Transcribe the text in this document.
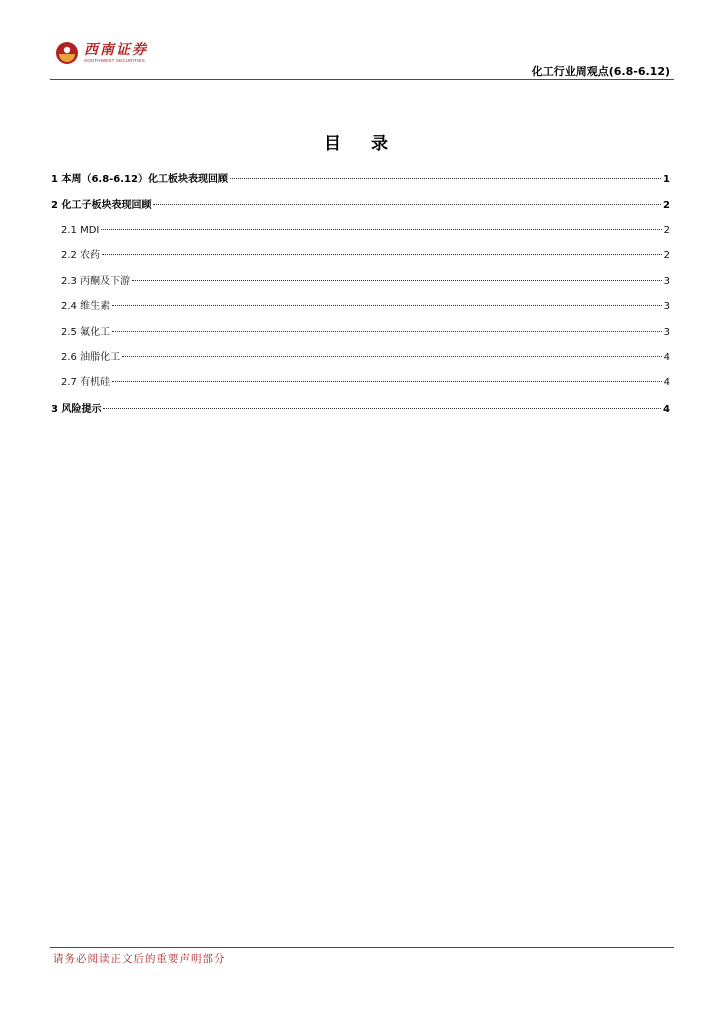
西南证券
SOUTHWEST SECURITIES
化工行业周观点(6.8-6.12)
目 录
1 本周（6.8-6.12）化工板块表现回顾	1
2 化工子板块表现回顾	2
2.1 MDI	2
2.2 农药	2
2.3 丙酮及下游	3
2.4 维生素	3
2.5 氟化工	3
2.6 油脂化工	4
2.7 有机硅	4
3 风险提示	4
请务必阅读正文后的重要声明部分
